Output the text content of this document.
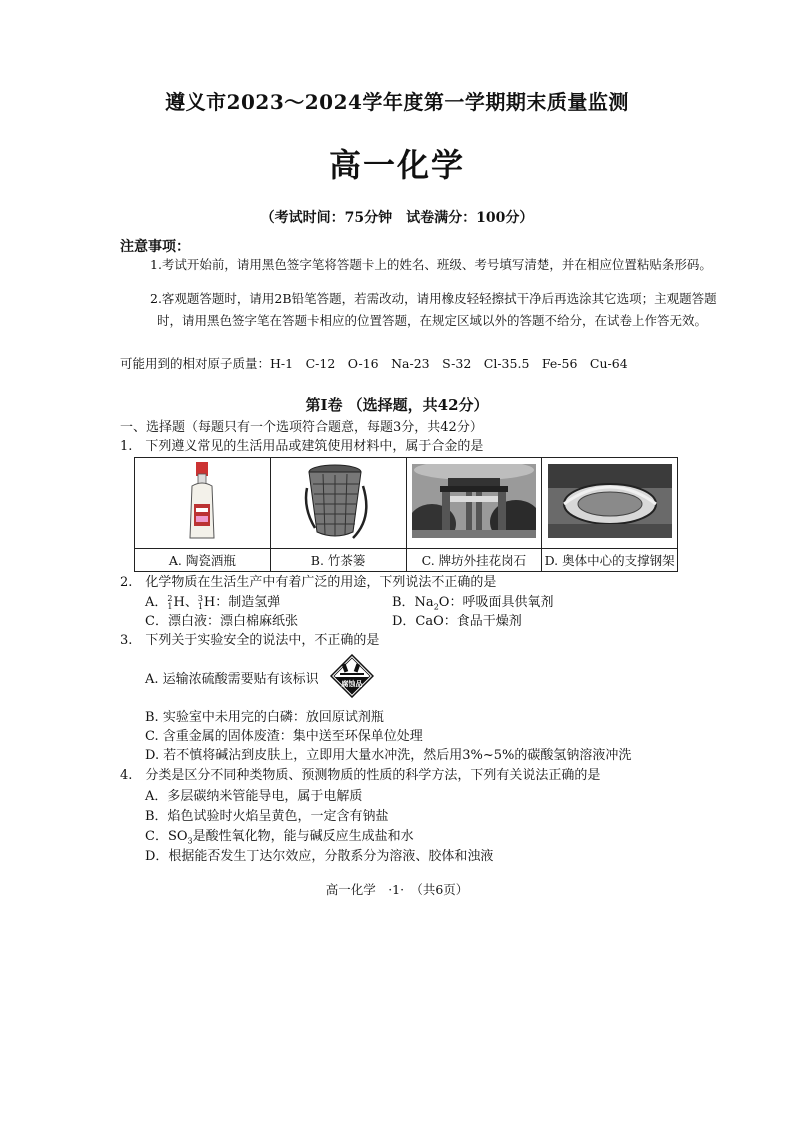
遵义市2023～2024学年度第一学期期末质量监测
高一化学
（考试时间：75分钟　试卷满分：100分）
注意事项：
1.考试开始前，请用黑色签字笔将答题卡上的姓名、班级、考号填写清楚，并在相应位置粘贴条形码。
2.客观题答题时，请用2B铅笔答题，若需改动，请用橡皮轻轻擦拭干净后再选涂其它选项；主观题答题时，请用黑色签字笔在答题卡相应的位置答题，在规定区域以外的答题不给分，在试卷上作答无效。
可能用到的相对原子质量：H-1　C-12　O-16　Na-23　S-32　Cl-35.5　Fe-56　Cu-64
第Ⅰ卷 （选择题，共42分）
一、选择题（每题只有一个选项符合题意，每题3分，共42分）
1.　下列遵义常见的生活用品或建筑使用材料中，属于合金的是

A. 陶瓷酒瓶	B. 竹茶篓	C. 牌坊外挂花岗石	D. 奥体中心的支撑钢架
2.　化学物质在生活生产中有着广泛的用途，下列说法不正确的是
A． 2
1 H、 3
1 H：制造氢弹	B．$Na_2O$：呼吸面具供氧剂
C．漂白液：漂白棉麻纸张	D．CaO：食品干燥剂
3.　下列关于实验安全的说法中，不正确的是
A. 运输浓硫酸需要贴有该标识	腐蚀品
B. 实验室中未用完的白磷：放回原试剂瓶
C. 含重金属的固体废渣：集中送至环保单位处理
D. 若不慎将碱沾到皮肤上，立即用大量水冲洗，然后用3%~5%的碳酸氢钠溶液冲洗
4.　分类是区分不同种类物质、预测物质的性质的科学方法，下列有关说法正确的是
A．多层碳纳米管能导电，属于电解质
B．焰色试验时火焰呈黄色，一定含有钠盐
C．$SO_3$是酸性氧化物，能与碱反应生成盐和水
D．根据能否发生丁达尔效应，分散系分为溶液、胶体和浊液
高一化学　·1·　（共6页）
